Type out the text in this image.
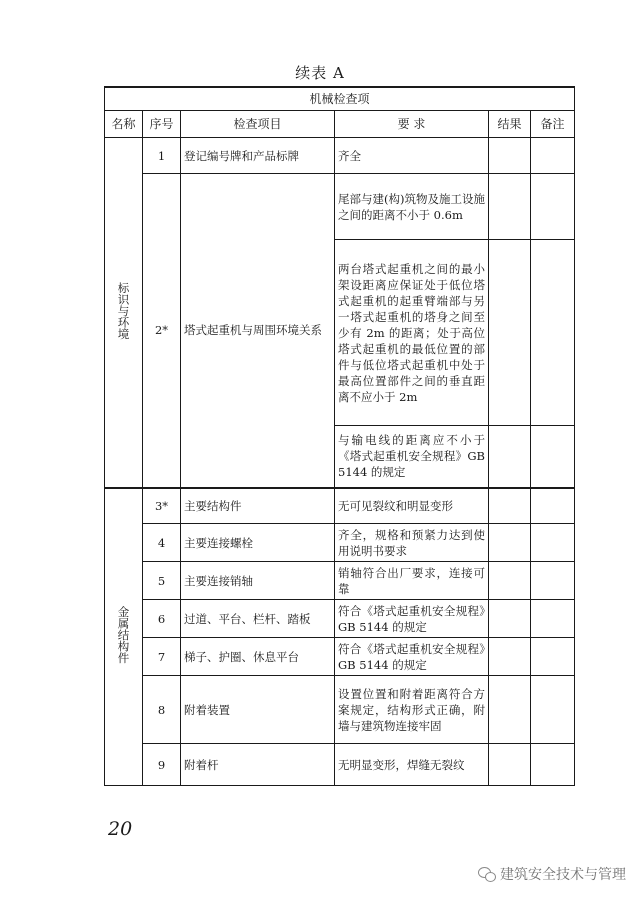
续表 A
机械检查项					
名称	序号	检查项目	要 求	结果	备注
标识与环境	1	登记编号牌和产品标牌	齐全		
	2*	塔式起重机与周围环境关系	尾部与建(构)筑物及施工设施之间的距离不小于 0.6m		
			两台塔式起重机之间的最小架设距离应保证处于低位塔式起重机的起重臂端部与另一塔式起重机的塔身之间至少有 2m 的距离；处于高位塔式起重机的最低位置的部件与低位塔式起重机中处于最高位置部件之间的垂直距离不应小于 2m		
			与输电线的距离应不小于《塔式起重机安全规程》GB 5144 的规定		
金属结构件	3*	主要结构件	无可见裂纹和明显变形		
	4	主要连接螺栓	齐全，规格和预紧力达到使用说明书要求		
	5	主要连接销轴	销轴符合出厂要求，连接可靠		
	6	过道、平台、栏杆、踏板	符合《塔式起重机安全规程》GB 5144 的规定		
	7	梯子、护圈、休息平台	符合《塔式起重机安全规程》GB 5144 的规定		
	8	附着装置	设置位置和附着距离符合方案规定，结构形式正确，附墙与建筑物连接牢固		
	9	附着杆	无明显变形，焊缝无裂纹		
20
建筑安全技术与管理
